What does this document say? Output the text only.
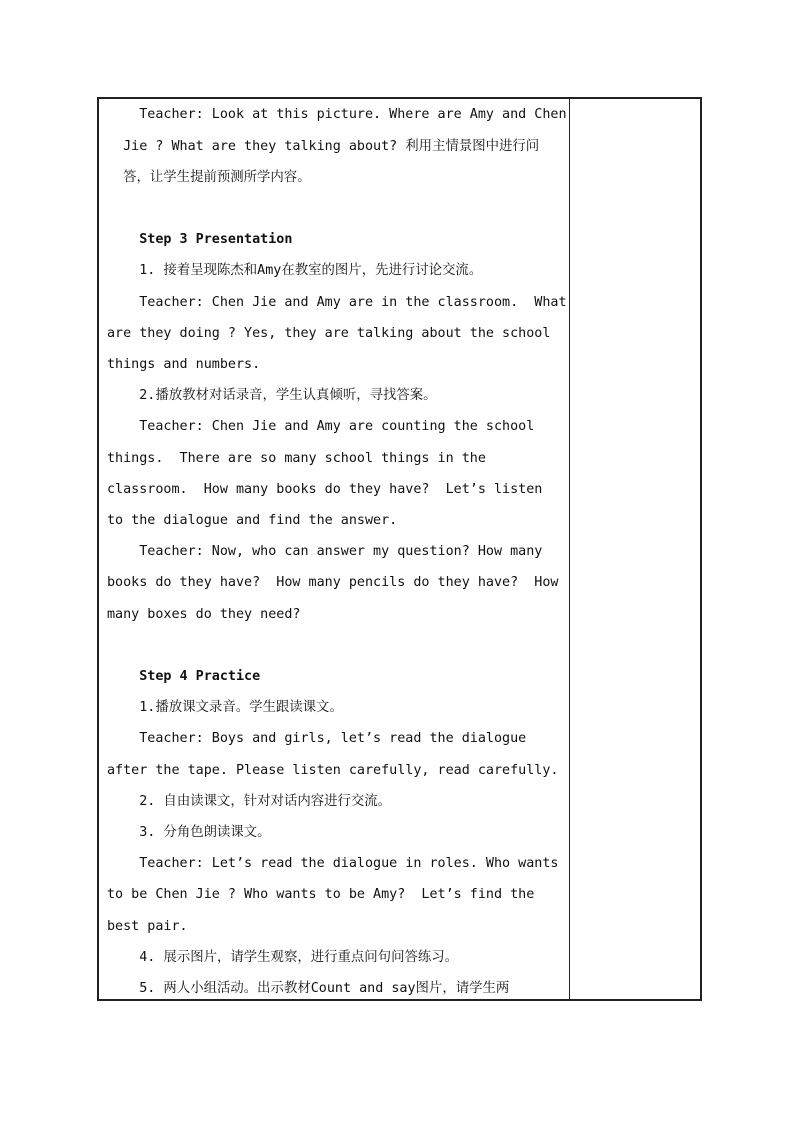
Teacher: Look at this picture. Where are Amy and Chen
Jie ? What are they talking about? 利用主情景图中进行问
答，让学生提前预测所学内容。
Step 3 Presentation
1. 接着呈现陈杰和Amy在教室的图片，先进行讨论交流。
Teacher: Chen Jie and Amy are in the classroom.  What
are they doing ? Yes, they are talking about the school
things and numbers.
2.播放教材对话录音，学生认真倾听，寻找答案。
Teacher: Chen Jie and Amy are counting the school
things.  There are so many school things in the
classroom.  How many books do they have?  Let’s listen
to the dialogue and find the answer.
Teacher: Now, who can answer my question? How many
books do they have?  How many pencils do they have?  How
many boxes do they need?
Step 4 Practice
1.播放课文录音。学生跟读课文。
Teacher: Boys and girls, let’s read the dialogue
after the tape. Please listen carefully, read carefully.
2. 自由读课文，针对对话内容进行交流。
3. 分角色朗读课文。
Teacher: Let’s read the dialogue in roles. Who wants
to be Chen Jie ? Who wants to be Amy?  Let’s find the
best pair.
4. 展示图片，请学生观察，进行重点问句问答练习。
5. 两人小组活动。出示教材Count and say图片，请学生两
